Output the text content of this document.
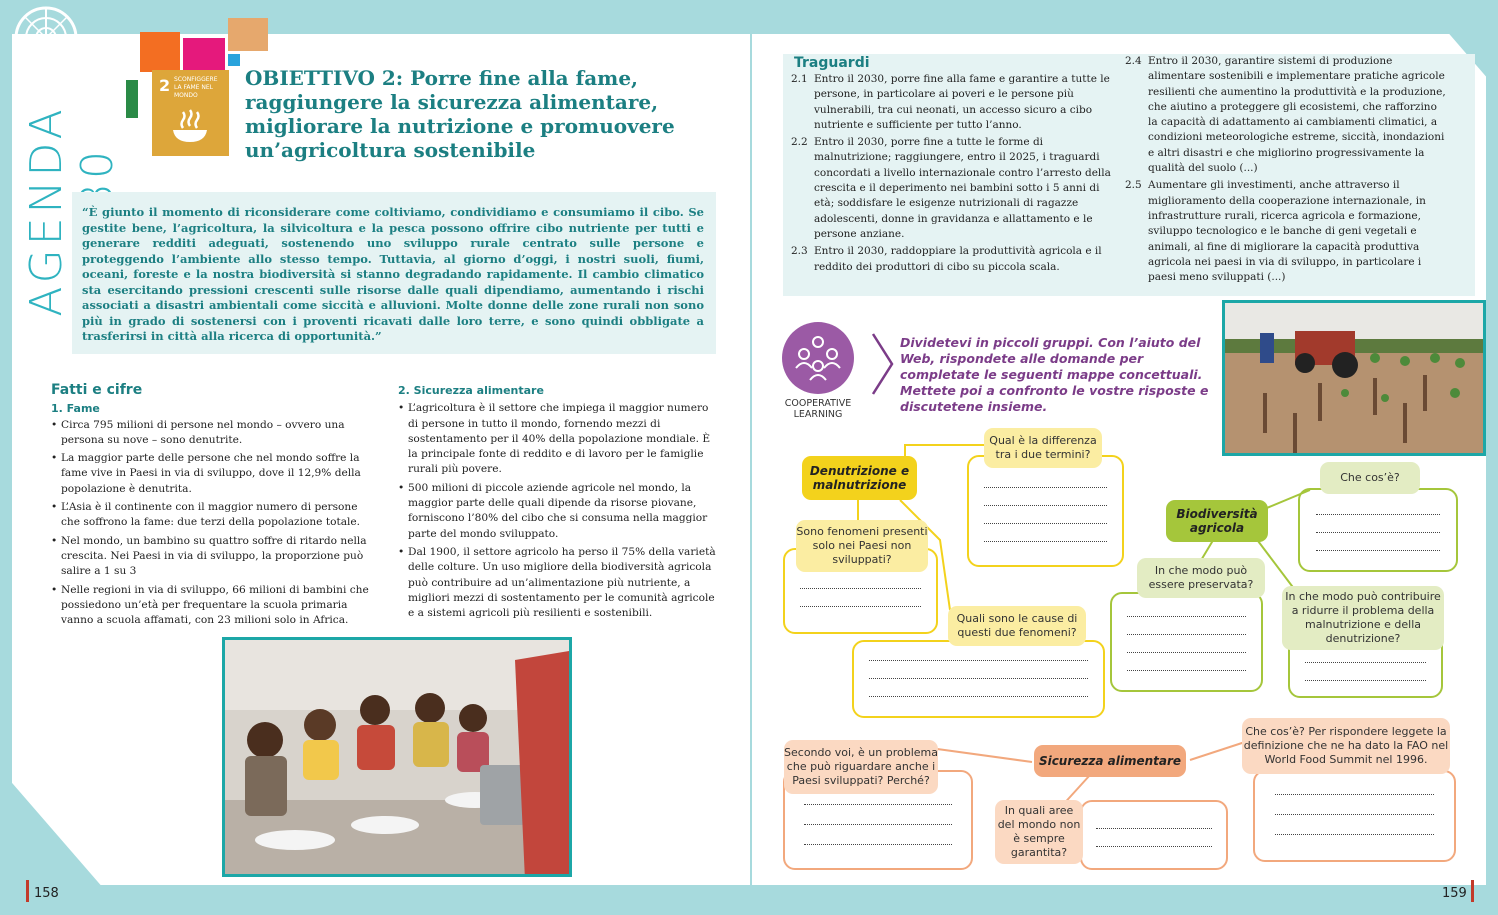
AGENDA
2 SCONFIGGERE LA FAME NEL MONDO
OBIETTIVO 2: Porre fine alla fame, raggiungere la sicurezza alimentare, migliorare la nutrizione e promuovere un’agricoltura sostenibile
“È giunto il momento di riconsiderare come coltiviamo, condividiamo e consumiamo il cibo. Se gestite bene, l’agricoltura, la silvicoltura e la pesca possono offrire cibo nutriente per tutti e generare redditi adeguati, sostenendo uno sviluppo rurale centrato sulle persone e proteggendo l’ambiente allo stesso tempo. Tuttavia, al giorno d’oggi, i nostri suoli, fiumi, oceani, foreste e la nostra biodiversità si stanno degradando rapidamente. Il cambio climatico sta esercitando pressioni crescenti sulle risorse dalle quali dipendiamo, aumentando i rischi associati a disastri ambientali come siccità e alluvioni. Molte donne delle zone rurali non sono più in grado di sostenersi con i proventi ricavati dalle loro terre, e sono quindi obbligate a trasferirsi in città alla ricerca di opportunità.”
Fatti e cifre
1. Fame
• Circa 795 milioni di persone nel mondo – ovvero una persona su nove – sono denutrite.
• La maggior parte delle persone che nel mondo soffre la fame vive in Paesi in via di sviluppo, dove il 12,9% della popolazione è denutrita.
• L’Asia è il continente con il maggior numero di persone che soffrono la fame: due terzi della popolazione totale.
• Nel mondo, un bambino su quattro soffre di ritardo nella crescita. Nei Paesi in via di sviluppo, la proporzione può salire a 1 su 3
• Nelle regioni in via di sviluppo, 66 milioni di bambini che possiedono un’età per frequentare la scuola primaria vanno a scuola affamati, con 23 milioni solo in Africa.
2. Sicurezza alimentare
• L’agricoltura è il settore che impiega il maggior numero di persone in tutto il mondo, fornendo mezzi di sostentamento per il 40% della popolazione mondiale. È la principale fonte di reddito e di lavoro per le famiglie rurali più povere.
• 500 milioni di piccole aziende agricole nel mondo, la maggior parte delle quali dipende da risorse piovane, forniscono l’80% del cibo che si consuma nella maggior parte del mondo sviluppato.
• Dal 1900, il settore agricolo ha perso il 75% della varietà delle colture. Un uso migliore della biodiversità agricola può contribuire ad un’alimentazione più nutriente, a migliori mezzi di sostentamento per le comunità agricole e a sistemi agricoli più resilienti e sostenibili.
Traguardi
2.1 Entro il 2030, porre fine alla fame e garantire a tutte le persone, in particolare ai poveri e le persone più vulnerabili, tra cui neonati, un accesso sicuro a cibo nutriente e sufficiente per tutto l’anno.
2.2 Entro il 2030, porre fine a tutte le forme di malnutrizione; raggiungere, entro il 2025, i traguardi concordati a livello internazionale contro l’arresto della crescita e il deperimento nei bambini sotto i 5 anni di età; soddisfare le esigenze nutrizionali di ragazze adolescenti, donne in gravidanza e allattamento e le persone anziane.
2.3 Entro il 2030, raddoppiare la produttività agricola e il reddito dei produttori di cibo su piccola scala.
2.4 Entro il 2030, garantire sistemi di produzione alimentare sostenibili e implementare pratiche agricole resilienti che aumentino la produttività e la produzione, che aiutino a proteggere gli ecosistemi, che rafforzino la capacità di adattamento ai cambiamenti climatici, a condizioni meteorologiche estreme, siccità, inondazioni e altri disastri e che migliorino progressivamente la qualità del suolo (...)
2.5 Aumentare gli investimenti, anche attraverso il miglioramento della cooperazione internazionale, in infrastrutture rurali, ricerca agricola e formazione, sviluppo tecnologico e le banche di geni vegetali e animali, al fine di migliorare la capacità produttiva agricola nei paesi in via di sviluppo, in particolare i paesi meno sviluppati (...)
COOPERATIVE LEARNING
Dividetevi in piccoli gruppi. Con l’aiuto del Web, rispondete alle domande per completate le seguenti mappe concettuali. Mettete poi a confronto le vostre risposte e discutetene insieme.
Qual è la differenza tra i due termini?
Denutrizione e malnutrizione
Sono fenomeni presenti solo nei Paesi non sviluppati?
Quali sono le cause di questi due fenomeni?
Che cos’è?
Biodiversità agricola
In che modo può essere preservata?
In che modo può contribuire a ridurre il problema della malnutrizione e della denutrizione?
Secondo voi, è un problema che può riguardare anche i Paesi sviluppati? Perché?
Sicurezza alimentare
In quali aree del mondo non è sempre garantita?
Che cos’è? Per rispondere leggete la definizione che ne ha dato la FAO nel World Food Summit nel 1996.
158	159
